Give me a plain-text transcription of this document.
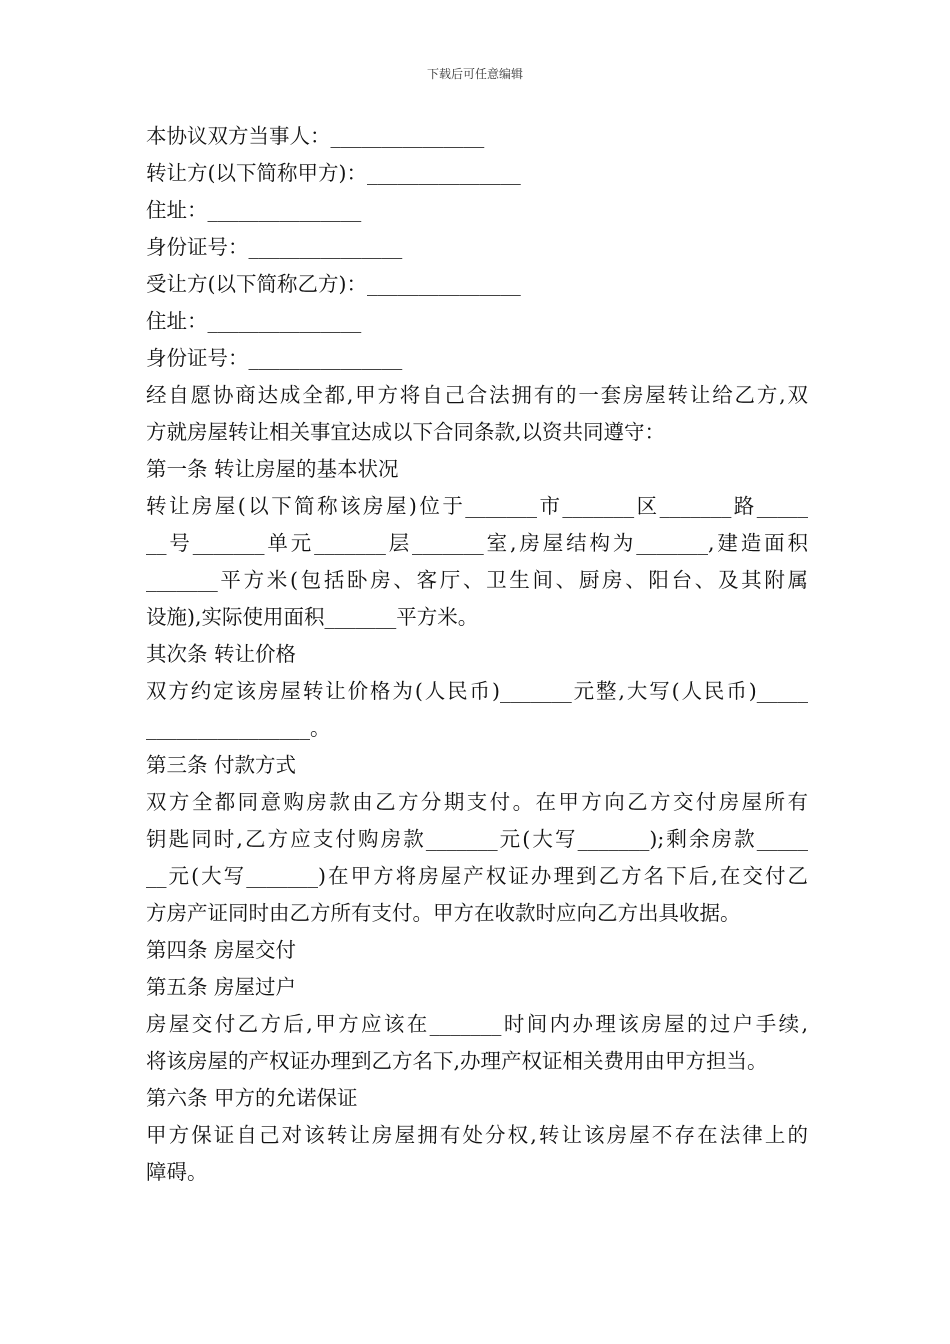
下载后可任意编辑
本协议双方当事人：_______________
转让方(以下简称甲方)：_______________
住址：_______________
身份证号：_______________
受让方(以下简称乙方)：_______________
住址：_______________
身份证号：_______________
经自愿协商达成全都,甲方将自己合法拥有的一套房屋转让给乙方,双
方就房屋转让相关事宜达成以下合同条款,以资共同遵守：
第一条 转让房屋的基本状况
转让房屋(以下简称该房屋)位于_______市_______区_______路_____
__号_______单元_______层_______室,房屋结构为_______,建造面积
_______平方米(包括卧房、客厅、卫生间、厨房、阳台、及其附属
设施),实际使用面积_______平方米。
其次条 转让价格
双方约定该房屋转让价格为(人民币)_______元整,大写(人民币)_____
________________。
第三条 付款方式
双方全都同意购房款由乙方分期支付。在甲方向乙方交付房屋所有
钥匙同时,乙方应支付购房款_______元(大写_______);剩余房款_____
__元(大写_______)在甲方将房屋产权证办理到乙方名下后,在交付乙
方房产证同时由乙方所有支付。甲方在收款时应向乙方出具收据。
第四条 房屋交付
第五条 房屋过户
房屋交付乙方后,甲方应该在_______时间内办理该房屋的过户手续,
将该房屋的产权证办理到乙方名下,办理产权证相关费用由甲方担当。
第六条 甲方的允诺保证
甲方保证自己对该转让房屋拥有处分权,转让该房屋不存在法律上的
障碍。
